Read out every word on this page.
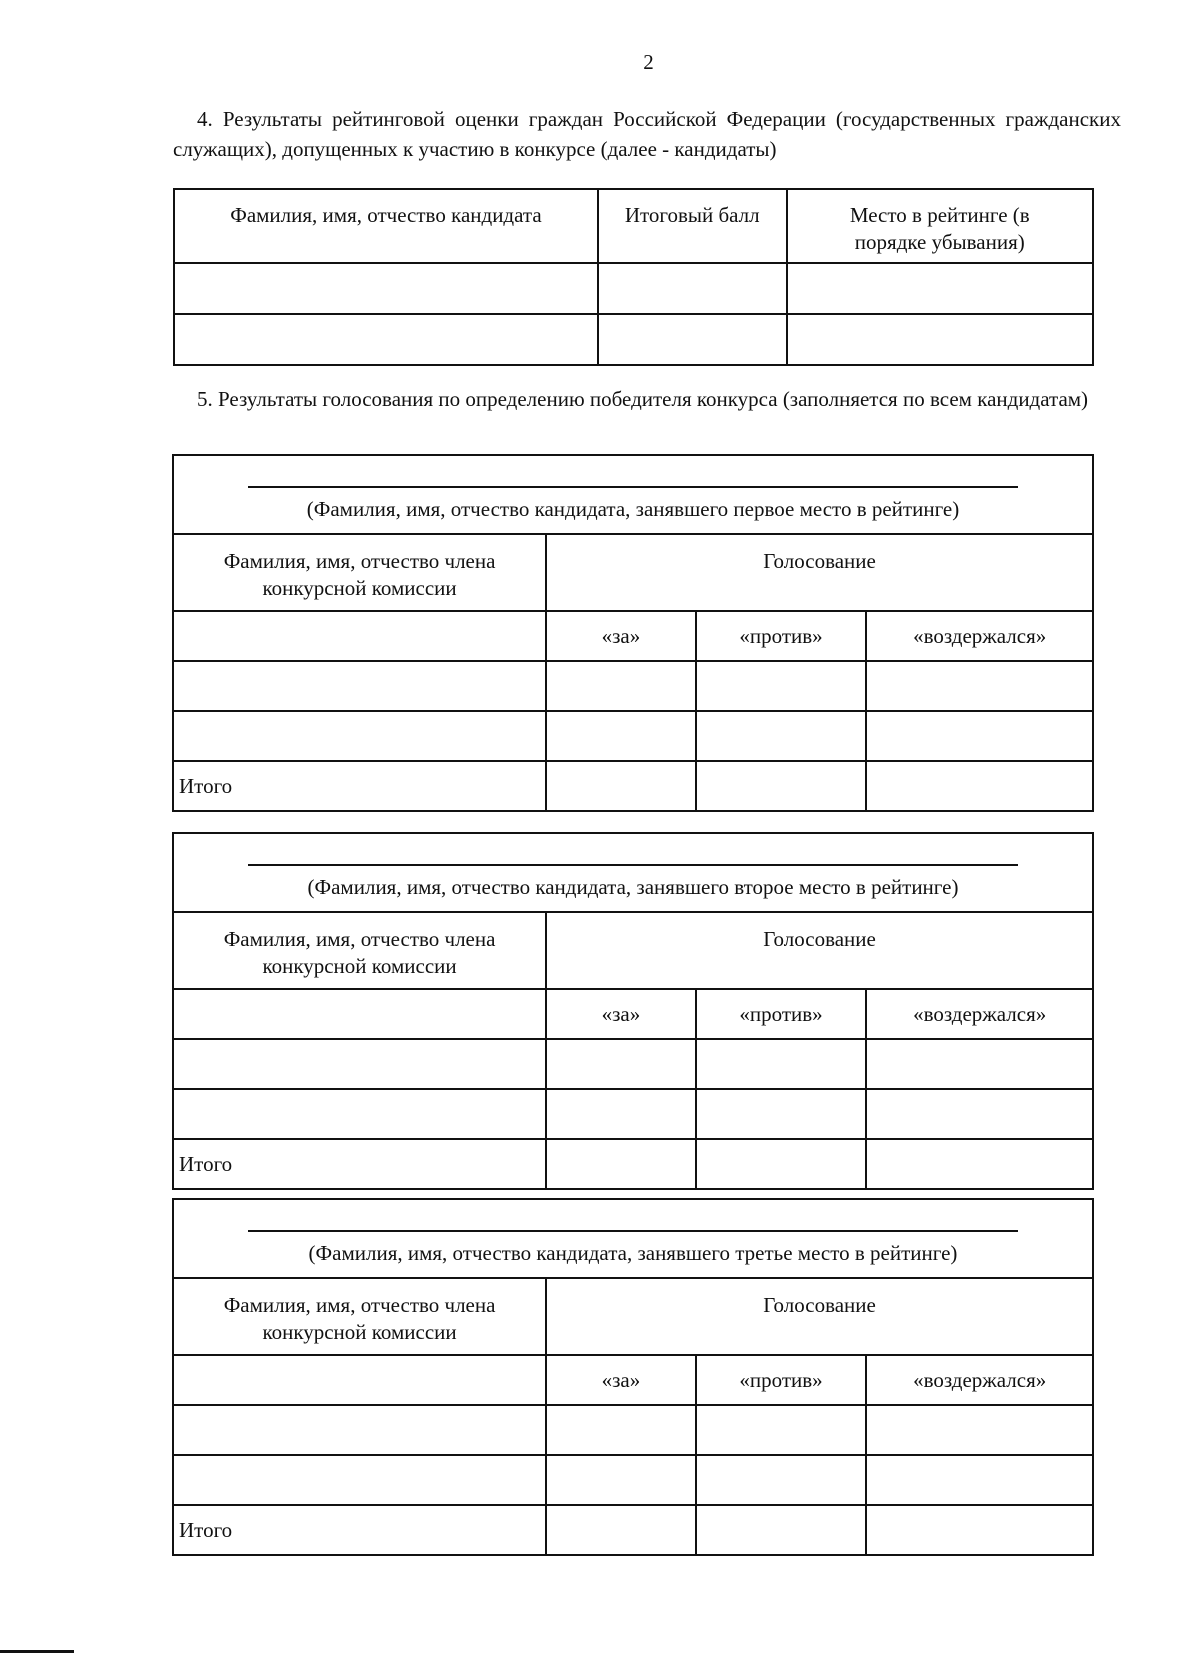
2

4. Результаты рейтинговой оценки граждан Российской Федерации (государственных гражданских служащих), допущенных к участию в конкурсе (далее - кандидаты)

Фамилия, имя, отчество кандидата	Итоговый балл	Место в рейтинге (в порядке убывания)

5. Результаты голосования по определению победителя конкурса (заполняется по всем кандидатам)

(Фамилия, имя, отчество кандидата, занявшего первое место в рейтинге)			

Фамилия, имя, отчество члена конкурсной комиссии	Голосование		
	«за»	«против»	«воздержался»

Итого			
(Фамилия, имя, отчество кандидата, занявшего второе место в рейтинге)			

Фамилия, имя, отчество члена конкурсной комиссии	Голосование		
	«за»	«против»	«воздержался»

Итого			
(Фамилия, имя, отчество кандидата, занявшего третье место в рейтинге)			

Фамилия, имя, отчество члена конкурсной комиссии	Голосование		
	«за»	«против»	«воздержался»

Итого			
